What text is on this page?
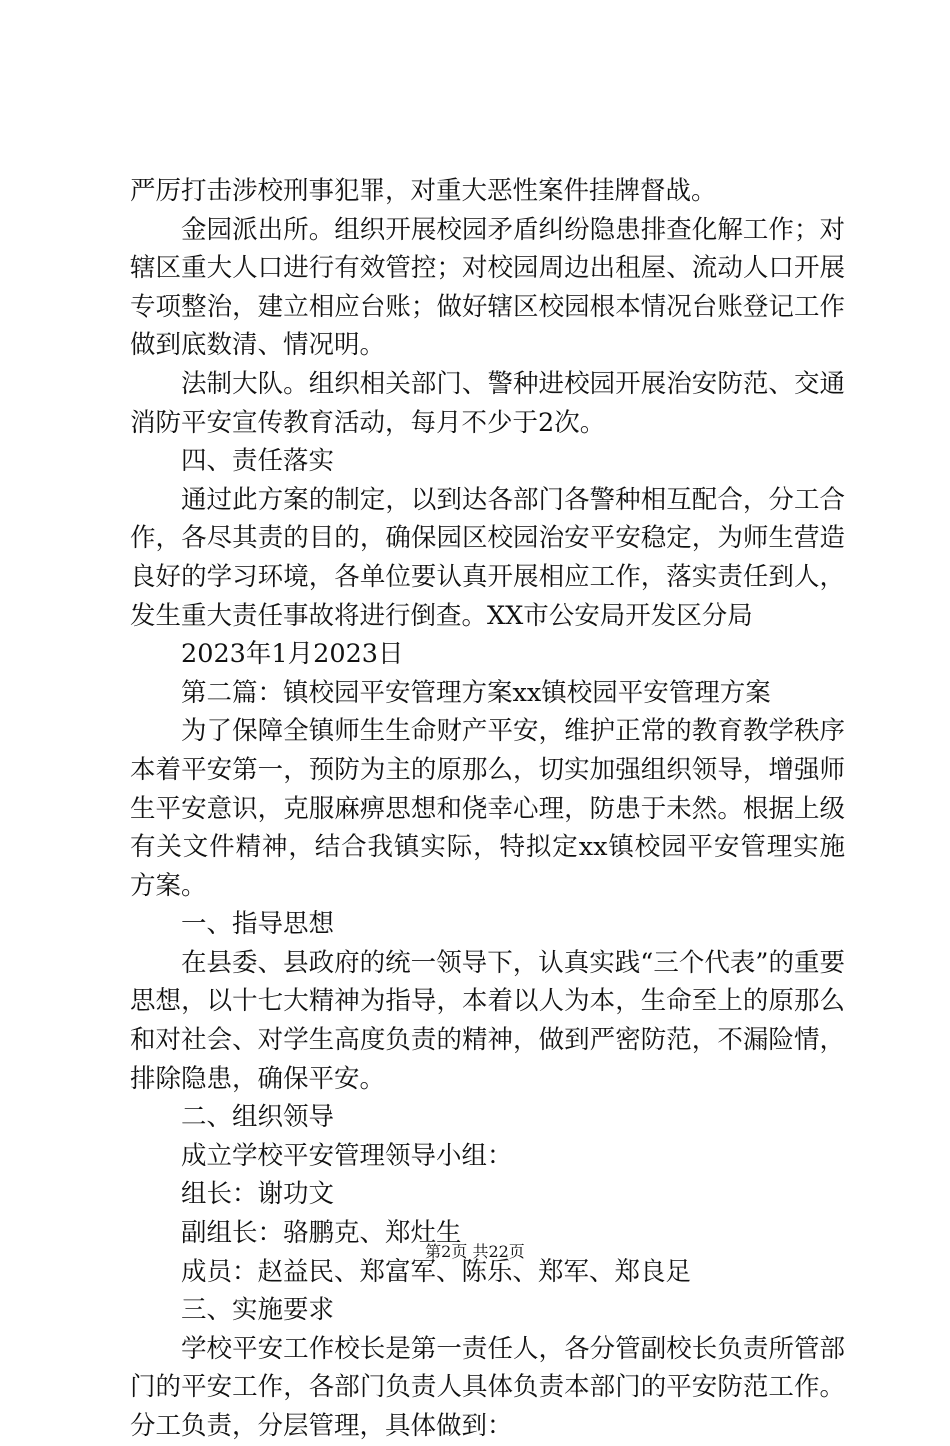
严厉打击涉校刑事犯罪，对重大恶性案件挂牌督战。

金园派出所。组织开展校园矛盾纠纷隐患排查化解工作；对辖区重大人口进行有效管控；对校园周边出租屋、流动人口开展专项整治，建立相应台账；做好辖区校园根本情况台账登记工作做到底数清、情况明。

法制大队。组织相关部门、警种进校园开展治安防范、交通消防平安宣传教育活动，每月不少于2次。

四、责任落实

通过此方案的制定，以到达各部门各警种相互配合，分工合作，各尽其责的目的，确保园区校园治安平安稳定，为师生营造良好的学习环境，各单位要认真开展相应工作，落实责任到人，发生重大责任事故将进行倒查。XX市公安局开发区分局

2023年1月2023日

第二篇：镇校园平安管理方案xx镇校园平安管理方案

为了保障全镇师生生命财产平安，维护正常的教育教学秩序本着平安第一，预防为主的原那么，切实加强组织领导，增强师生平安意识，克服麻痹思想和侥幸心理，防患于未然。根据上级有关文件精神，结合我镇实际，特拟定xx镇校园平安管理实施方案。

一、指导思想

在县委、县政府的统一领导下，认真实践“三个代表”的重要思想，以十七大精神为指导，本着以人为本，生命至上的原那么和对社会、对学生高度负责的精神，做到严密防范，不漏险情，排除隐患，确保平安。

二、组织领导

成立学校平安管理领导小组：

组长：谢功文

副组长：骆鹏克、郑灶生

成员：赵益民、郑富军、陈乐、郑军、郑良足

三、实施要求

学校平安工作校长是第一责任人，各分管副校长负责所管部门的平安工作，各部门负责人具体负责本部门的平安防范工作。分工负责，分层管理，具体做到：

第2页 共22页
